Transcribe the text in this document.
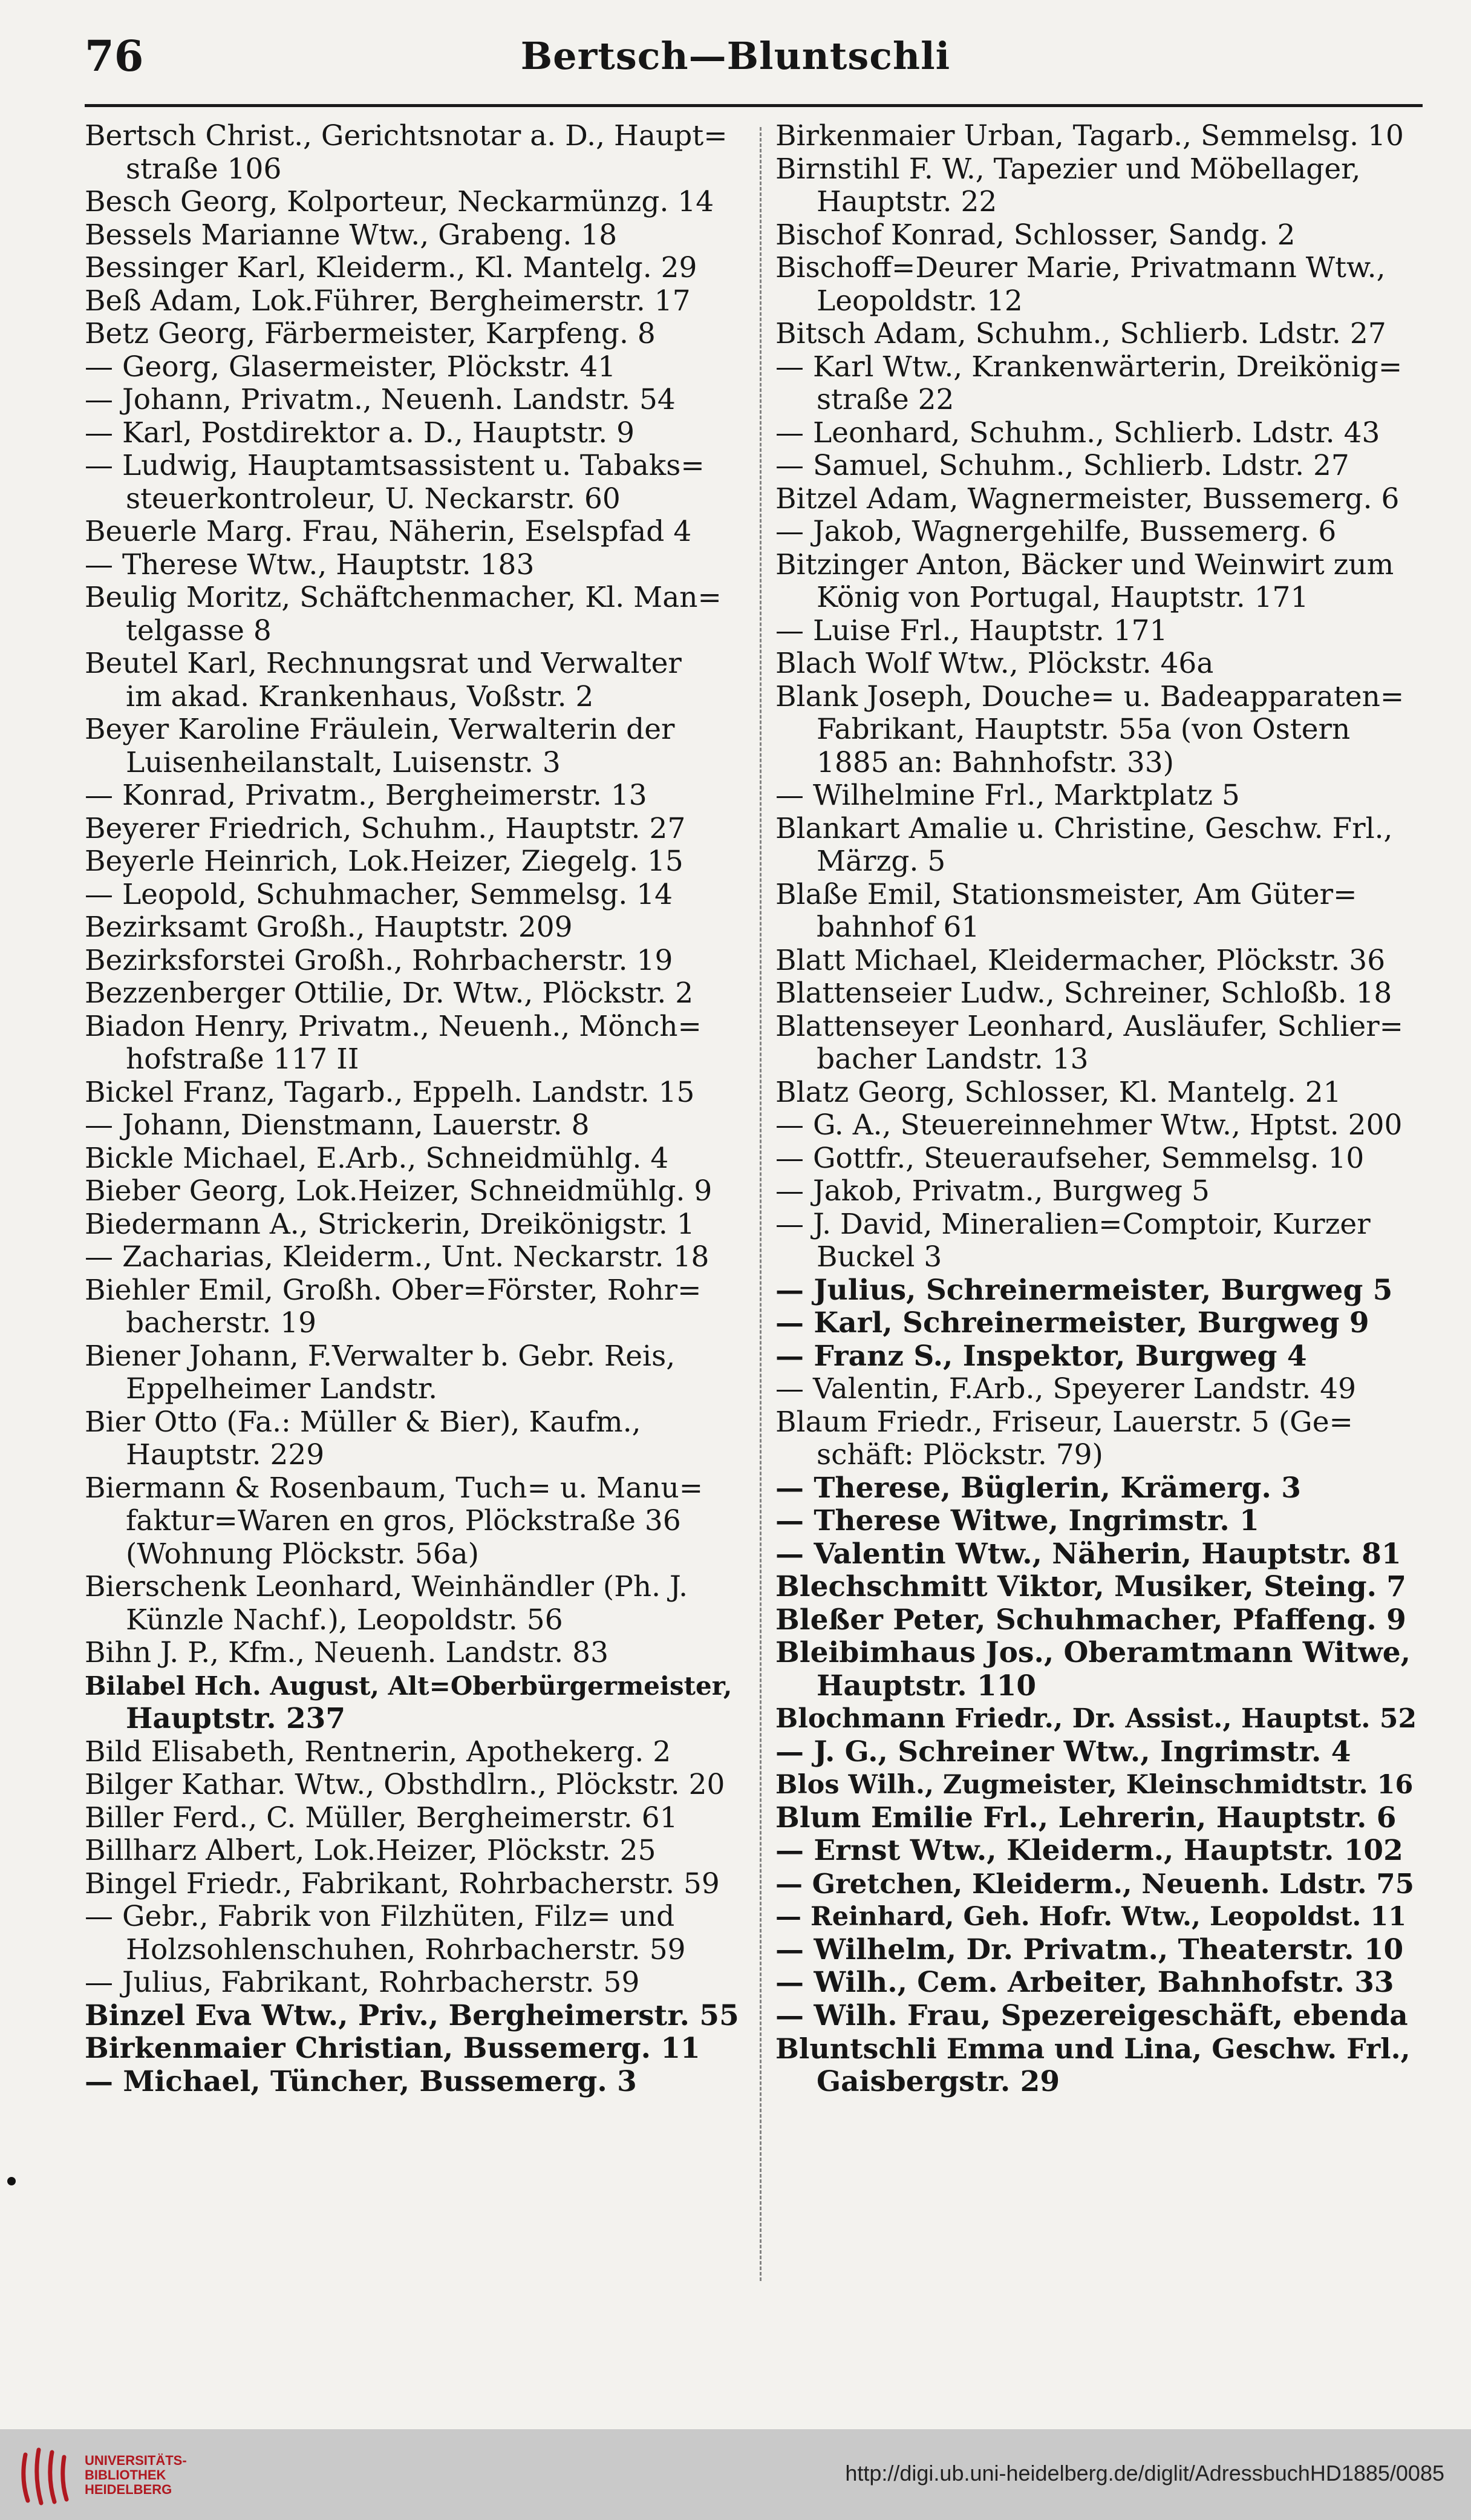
76	Bertsch—Bluntschli
Bertsch Christ., Gerichtsnotar a. D., Haupt=
straße 106
Besch Georg, Kolporteur, Neckarmünzg. 14
Bessels Marianne Wtw., Grabeng. 18
Bessinger Karl, Kleiderm., Kl. Mantelg. 29
Beß Adam, Lok.Führer, Bergheimerstr. 17
Betz Georg, Färbermeister, Karpfeng. 8
— Georg, Glasermeister, Plöckstr. 41
— Johann, Privatm., Neuenh. Landstr. 54
— Karl, Postdirektor a. D., Hauptstr. 9
— Ludwig, Hauptamtsassistent u. Tabaks=
steuerkontroleur, U. Neckarstr. 60
Beuerle Marg. Frau, Näherin, Eselspfad 4
— Therese Wtw., Hauptstr. 183
Beulig Moritz, Schäftchenmacher, Kl. Man=
telgasse 8
Beutel Karl, Rechnungsrat und Verwalter
im akad. Krankenhaus, Voßstr. 2
Beyer Karoline Fräulein, Verwalterin der
Luisenheilanstalt, Luisenstr. 3
— Konrad, Privatm., Bergheimerstr. 13
Beyerer Friedrich, Schuhm., Hauptstr. 27
Beyerle Heinrich, Lok.Heizer, Ziegelg. 15
— Leopold, Schuhmacher, Semmelsg. 14
Bezirksamt Großh., Hauptstr. 209
Bezirksforstei Großh., Rohrbacherstr. 19
Bezzenberger Ottilie, Dr. Wtw., Plöckstr. 2
Biadon Henry, Privatm., Neuenh., Mönch=
hofstraße 117 II
Bickel Franz, Tagarb., Eppelh. Landstr. 15
— Johann, Dienstmann, Lauerstr. 8
Bickle Michael, E.Arb., Schneidmühlg. 4
Bieber Georg, Lok.Heizer, Schneidmühlg. 9
Biedermann A., Strickerin, Dreikönigstr. 1
— Zacharias, Kleiderm., Unt. Neckarstr. 18
Biehler Emil, Großh. Ober=Förster, Rohr=
bacherstr. 19
Biener Johann, F.Verwalter b. Gebr. Reis,
Eppelheimer Landstr.
Bier Otto (Fa.: Müller & Bier), Kaufm.,
Hauptstr. 229
Biermann & Rosenbaum, Tuch= u. Manu=
faktur=Waren en gros, Plöckstraße 36
(Wohnung Plöckstr. 56a)
Bierschenk Leonhard, Weinhändler (Ph. J.
Künzle Nachf.), Leopoldstr. 56
Bihn J. P., Kfm., Neuenh. Landstr. 83
Bilabel Hch. August, Alt=Oberbürgermeister,
Hauptstr. 237
Bild Elisabeth, Rentnerin, Apothekerg. 2
Bilger Kathar. Wtw., Obsthdlrn., Plöckstr. 20
Biller Ferd., C. Müller, Bergheimerstr. 61
Billharz Albert, Lok.Heizer, Plöckstr. 25
Bingel Friedr., Fabrikant, Rohrbacherstr. 59
— Gebr., Fabrik von Filzhüten, Filz= und
Holzsohlenschuhen, Rohrbacherstr. 59
— Julius, Fabrikant, Rohrbacherstr. 59
Binzel Eva Wtw., Priv., Bergheimerstr. 55
Birkenmaier Christian, Bussemerg. 11
— Michael, Tüncher, Bussemerg. 3
Birkenmaier Urban, Tagarb., Semmelsg. 10
Birnstihl F. W., Tapezier und Möbellager,
Hauptstr. 22
Bischof Konrad, Schlosser, Sandg. 2
Bischoff=Deurer Marie, Privatmann Wtw.,
Leopoldstr. 12
Bitsch Adam, Schuhm., Schlierb. Ldstr. 27
— Karl Wtw., Krankenwärterin, Dreikönig=
straße 22
— Leonhard, Schuhm., Schlierb. Ldstr. 43
— Samuel, Schuhm., Schlierb. Ldstr. 27
Bitzel Adam, Wagnermeister, Bussemerg. 6
— Jakob, Wagnergehilfe, Bussemerg. 6
Bitzinger Anton, Bäcker und Weinwirt zum
König von Portugal, Hauptstr. 171
— Luise Frl., Hauptstr. 171
Blach Wolf Wtw., Plöckstr. 46a
Blank Joseph, Douche= u. Badeapparaten=
Fabrikant, Hauptstr. 55a (von Ostern
1885 an: Bahnhofstr. 33)
— Wilhelmine Frl., Marktplatz 5
Blankart Amalie u. Christine, Geschw. Frl.,
Märzg. 5
Blaße Emil, Stationsmeister, Am Güter=
bahnhof 61
Blatt Michael, Kleidermacher, Plöckstr. 36
Blattenseier Ludw., Schreiner, Schloßb. 18
Blattenseyer Leonhard, Ausläufer, Schlier=
bacher Landstr. 13
Blatz Georg, Schlosser, Kl. Mantelg. 21
— G. A., Steuereinnehmer Wtw., Hptst. 200
— Gottfr., Steueraufseher, Semmelsg. 10
— Jakob, Privatm., Burgweg 5
— J. David, Mineralien=Comptoir, Kurzer
Buckel 3
— Julius, Schreinermeister, Burgweg 5
— Karl, Schreinermeister, Burgweg 9
— Franz S., Inspektor, Burgweg 4
— Valentin, F.Arb., Speyerer Landstr. 49
Blaum Friedr., Friseur, Lauerstr. 5 (Ge=
schäft: Plöckstr. 79)
— Therese, Büglerin, Krämerg. 3
— Therese Witwe, Ingrimstr. 1
— Valentin Wtw., Näherin, Hauptstr. 81
Blechschmitt Viktor, Musiker, Steing. 7
Bleßer Peter, Schuhmacher, Pfaffeng. 9
Bleibimhaus Jos., Oberamtmann Witwe,
Hauptstr. 110
Blochmann Friedr., Dr. Assist., Hauptst. 52
— J. G., Schreiner Wtw., Ingrimstr. 4
Blos Wilh., Zugmeister, Kleinschmidtstr. 16
Blum Emilie Frl., Lehrerin, Hauptstr. 6
— Ernst Wtw., Kleiderm., Hauptstr. 102
— Gretchen, Kleiderm., Neuenh. Ldstr. 75
— Reinhard, Geh. Hofr. Wtw., Leopoldst. 11
— Wilhelm, Dr. Privatm., Theaterstr. 10
— Wilh., Cem. Arbeiter, Bahnhofstr. 33
— Wilh. Frau, Spezereigeschäft, ebenda
Bluntschli Emma und Lina, Geschw. Frl.,
Gaisbergstr. 29
UNIVERSITÄTS-
BIBLIOTHEK
HEIDELBERG
http://digi.ub.uni-heidelberg.de/diglit/AdressbuchHD1885/0085
